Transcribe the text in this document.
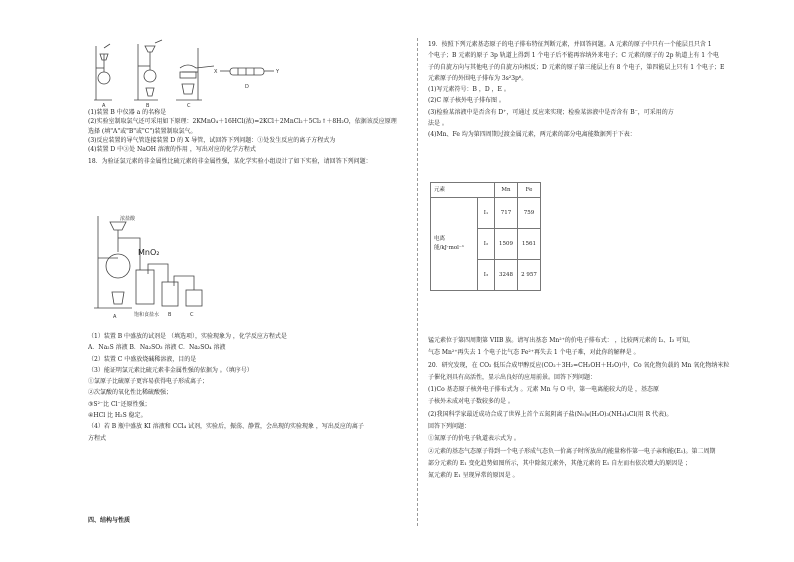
A	B	C
D
X	Y
(1)装置 B 中仪器 a 的名称是
(2)实验室制取氯气还可采用如下原理：2KMnO₄＋16HCl(浓)=2KCl＋2MnCl₂＋5Cl₂↑＋8H₂O，依据该反应原理
选择 (填"A"或"B"或"C")装置制取氯气。
(3)反应装置的导气管连接装置 D 的 X 导管，试回答下列问题：①处发生反应的离子方程式为
(4)装置 D 中③处 NaOH 溶液的作用 ，写出对应的化学方程式
18．为验证氯元素的非金属性比硫元素的非金属性强，某化学实验小组设计了如下实验，请回答下列问题：
浓盐酸
MnO₂
A	B	C
饱和食盐水
（1）装置 B 中盛放的试剂是 （填选项），实验现象为 ，化学反应方程式是
A．Na₂S 溶液 B．Na₂SO₃ 溶液 C．Na₂SO₄ 溶液
（2）装置 C 中盛放烧碱稀溶液，目的是
（3）能证明氯元素比硫元素非金属性强的依据为 。（填序号）
①氯原子比硫原子更容易获得电子形成离子；
②次氯酸的氧化性比稀硫酸强；
③S²⁻比 Cl⁻还原性强；
④HCl 比 H₂S 稳定。
（4）若 B 瓶中盛放 KI 溶液和 CCl₄ 试剂，实验后，振荡、静置，会出现的实验现象 ，写出反应的离子
方程式
四、结构与性质
19．按照下列元素基态原子的电子排布特征判断元素，并回答问题。A 元素的原子中只有一个能层且只含 1
个电子；B 元素的原子 3p 轨道上得到 1 个电子后不能再容纳外来电子；C 元素的原子的 2p 轨道上有 1 个电
子的自旋方向与其他电子的自旋方向相反；D 元素的原子第三能层上有 8 个电子，第四能层上只有 1 个电子；E
元素原子的外围电子排布为 3s²3p⁶。
(1)写元素符号：B ，D ，E 。
(2)C 原子核外电子排布图 。
(3)检验某溶液中是否含有 D⁺，可通过 反应来实现；检验某溶液中是否含有 B⁻，可采用的方
法是 。
(4)Mn、Fe 均为第四周期过渡金属元素，两元素的部分电离能数据列于下表：
元素		Mn	Fe
电离能/kJ·mol⁻¹	I₁	717	759
	I₂	1509	1561
	I₃	3248	2 957
锰元素位于第四周期第 VIIB 族。请写出基态 Mn²⁺的价电子排布式： ，比较两元素的 I₂、I₃ 可知，
气态 Mn²⁺再失去 1 个电子比气态 Fe²⁺再失去 1 个电子难，对此你的解释是 。
20．研究发现，在 CO₂ 低压合成甲醇反应(CO₂＋3H₂=CH₃OH＋H₂O)中，Co 氧化物负载的 Mn 氧化物纳米粒
子催化剂具有高活性，显示出良好的应用前景。回答下列问题：
(1)Co 基态原子核外电子排布式为 。元素 Mn 与 O 中，第一电离能较大的是 ，基态原
子核外未成对电子数较多的是 。
(2)我国科学家最近成功合成了世界上首个五氮阴离子盐(N₅)₆(H₃O)₃(NH₄)₄Cl(用 R 代表)。
回答下列问题：
①氮原子的价电子轨道表示式为 。
②元素的基态气态原子得到一个电子形成气态负一价离子时所放出的能量称作第一电子亲和能(E₁)。第二周期
部分元素的 E₁ 变化趋势如图所示，其中除氮元素外，其他元素的 E₁ 自左而右依次增大的原因是 ；
氮元素的 E₁ 呈现异常的原因是 。
